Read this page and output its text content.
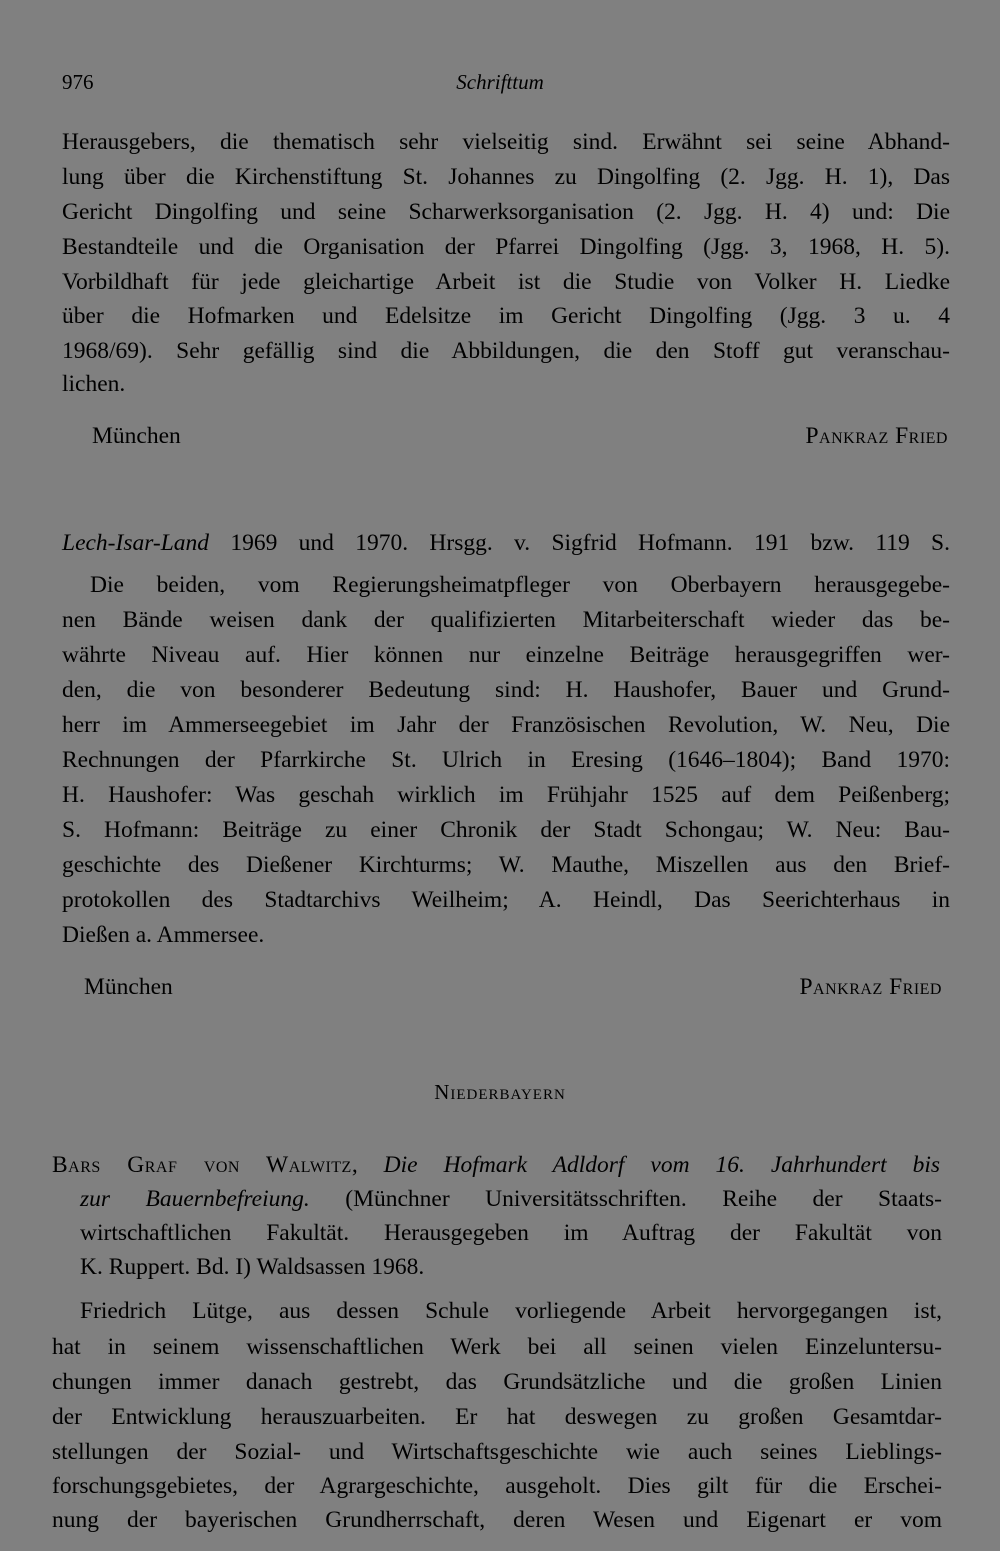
976	Schrifttum
Herausgebers, die thematisch sehr vielseitig sind. Erwähnt sei seine Abhand-
lung über die Kirchenstiftung St. Johannes zu Dingolfing (2. Jgg. H. 1), Das
Gericht Dingolfing und seine Scharwerksorganisation (2. Jgg. H. 4) und: Die
Bestandteile und die Organisation der Pfarrei Dingolfing (Jgg. 3, 1968, H. 5).
Vorbildhaft für jede gleichartige Arbeit ist die Studie von Volker H. Liedke
über die Hofmarken und Edelsitze im Gericht Dingolfing (Jgg. 3 u. 4
1968/69). Sehr gefällig sind die Abbildungen, die den Stoff gut veranschau-
lichen.
München	Pankraz Fried
Lech-Isar-Land 1969 und 1970. Hrsgg. v. Sigfrid Hofmann. 191 bzw. 119 S.
Die beiden, vom Regierungsheimatpfleger von Oberbayern herausgegebe-
nen Bände weisen dank der qualifizierten Mitarbeiterschaft wieder das be-
währte Niveau auf. Hier können nur einzelne Beiträge herausgegriffen wer-
den, die von besonderer Bedeutung sind: H. Haushofer, Bauer und Grund-
herr im Ammerseegebiet im Jahr der Französischen Revolution, W. Neu, Die
Rechnungen der Pfarrkirche St. Ulrich in Eresing (1646–1804); Band 1970:
H. Haushofer: Was geschah wirklich im Frühjahr 1525 auf dem Peißenberg;
S. Hofmann: Beiträge zu einer Chronik der Stadt Schongau; W. Neu: Bau-
geschichte des Dießener Kirchturms; W. Mauthe, Miszellen aus den Brief-
protokollen des Stadtarchivs Weilheim; A. Heindl, Das Seerichterhaus in
Dießen a. Ammersee.
München	Pankraz Fried
Niederbayern
Bars Graf von Walwitz, Die Hofmark Adldorf vom 16. Jahrhundert bis
zur Bauernbefreiung. (Münchner Universitätsschriften. Reihe der Staats-
wirtschaftlichen Fakultät. Herausgegeben im Auftrag der Fakultät von
K. Ruppert. Bd. I) Waldsassen 1968.
Friedrich Lütge, aus dessen Schule vorliegende Arbeit hervorgegangen ist,
hat in seinem wissenschaftlichen Werk bei all seinen vielen Einzeluntersu-
chungen immer danach gestrebt, das Grundsätzliche und die großen Linien
der Entwicklung herauszuarbeiten. Er hat deswegen zu großen Gesamtdar-
stellungen der Sozial- und Wirtschaftsgeschichte wie auch seines Lieblings-
forschungsgebietes, der Agrargeschichte, ausgeholt. Dies gilt für die Erschei-
nung der bayerischen Grundherrschaft, deren Wesen und Eigenart er vom
